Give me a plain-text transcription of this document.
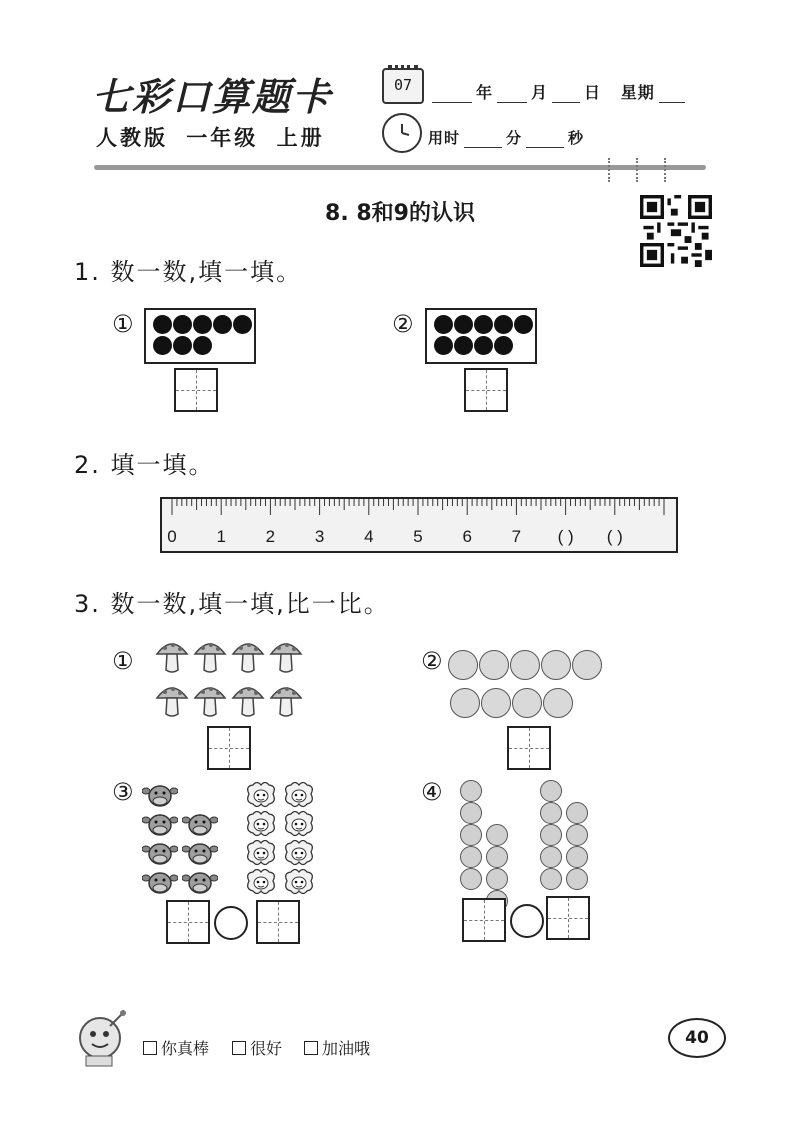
七彩口算题卡
人教版 一年级 上册
07	年 月 日 星期
用时	分	秒
8. 8和9的认识
1. 数一数,填一填。
①	②
2. 填一填。
0 1 2 3 4 5 6 7 ( ) ( )
3. 数一数,填一填,比一比。
①	②
③	④
你真棒	很好	加油哦
40
